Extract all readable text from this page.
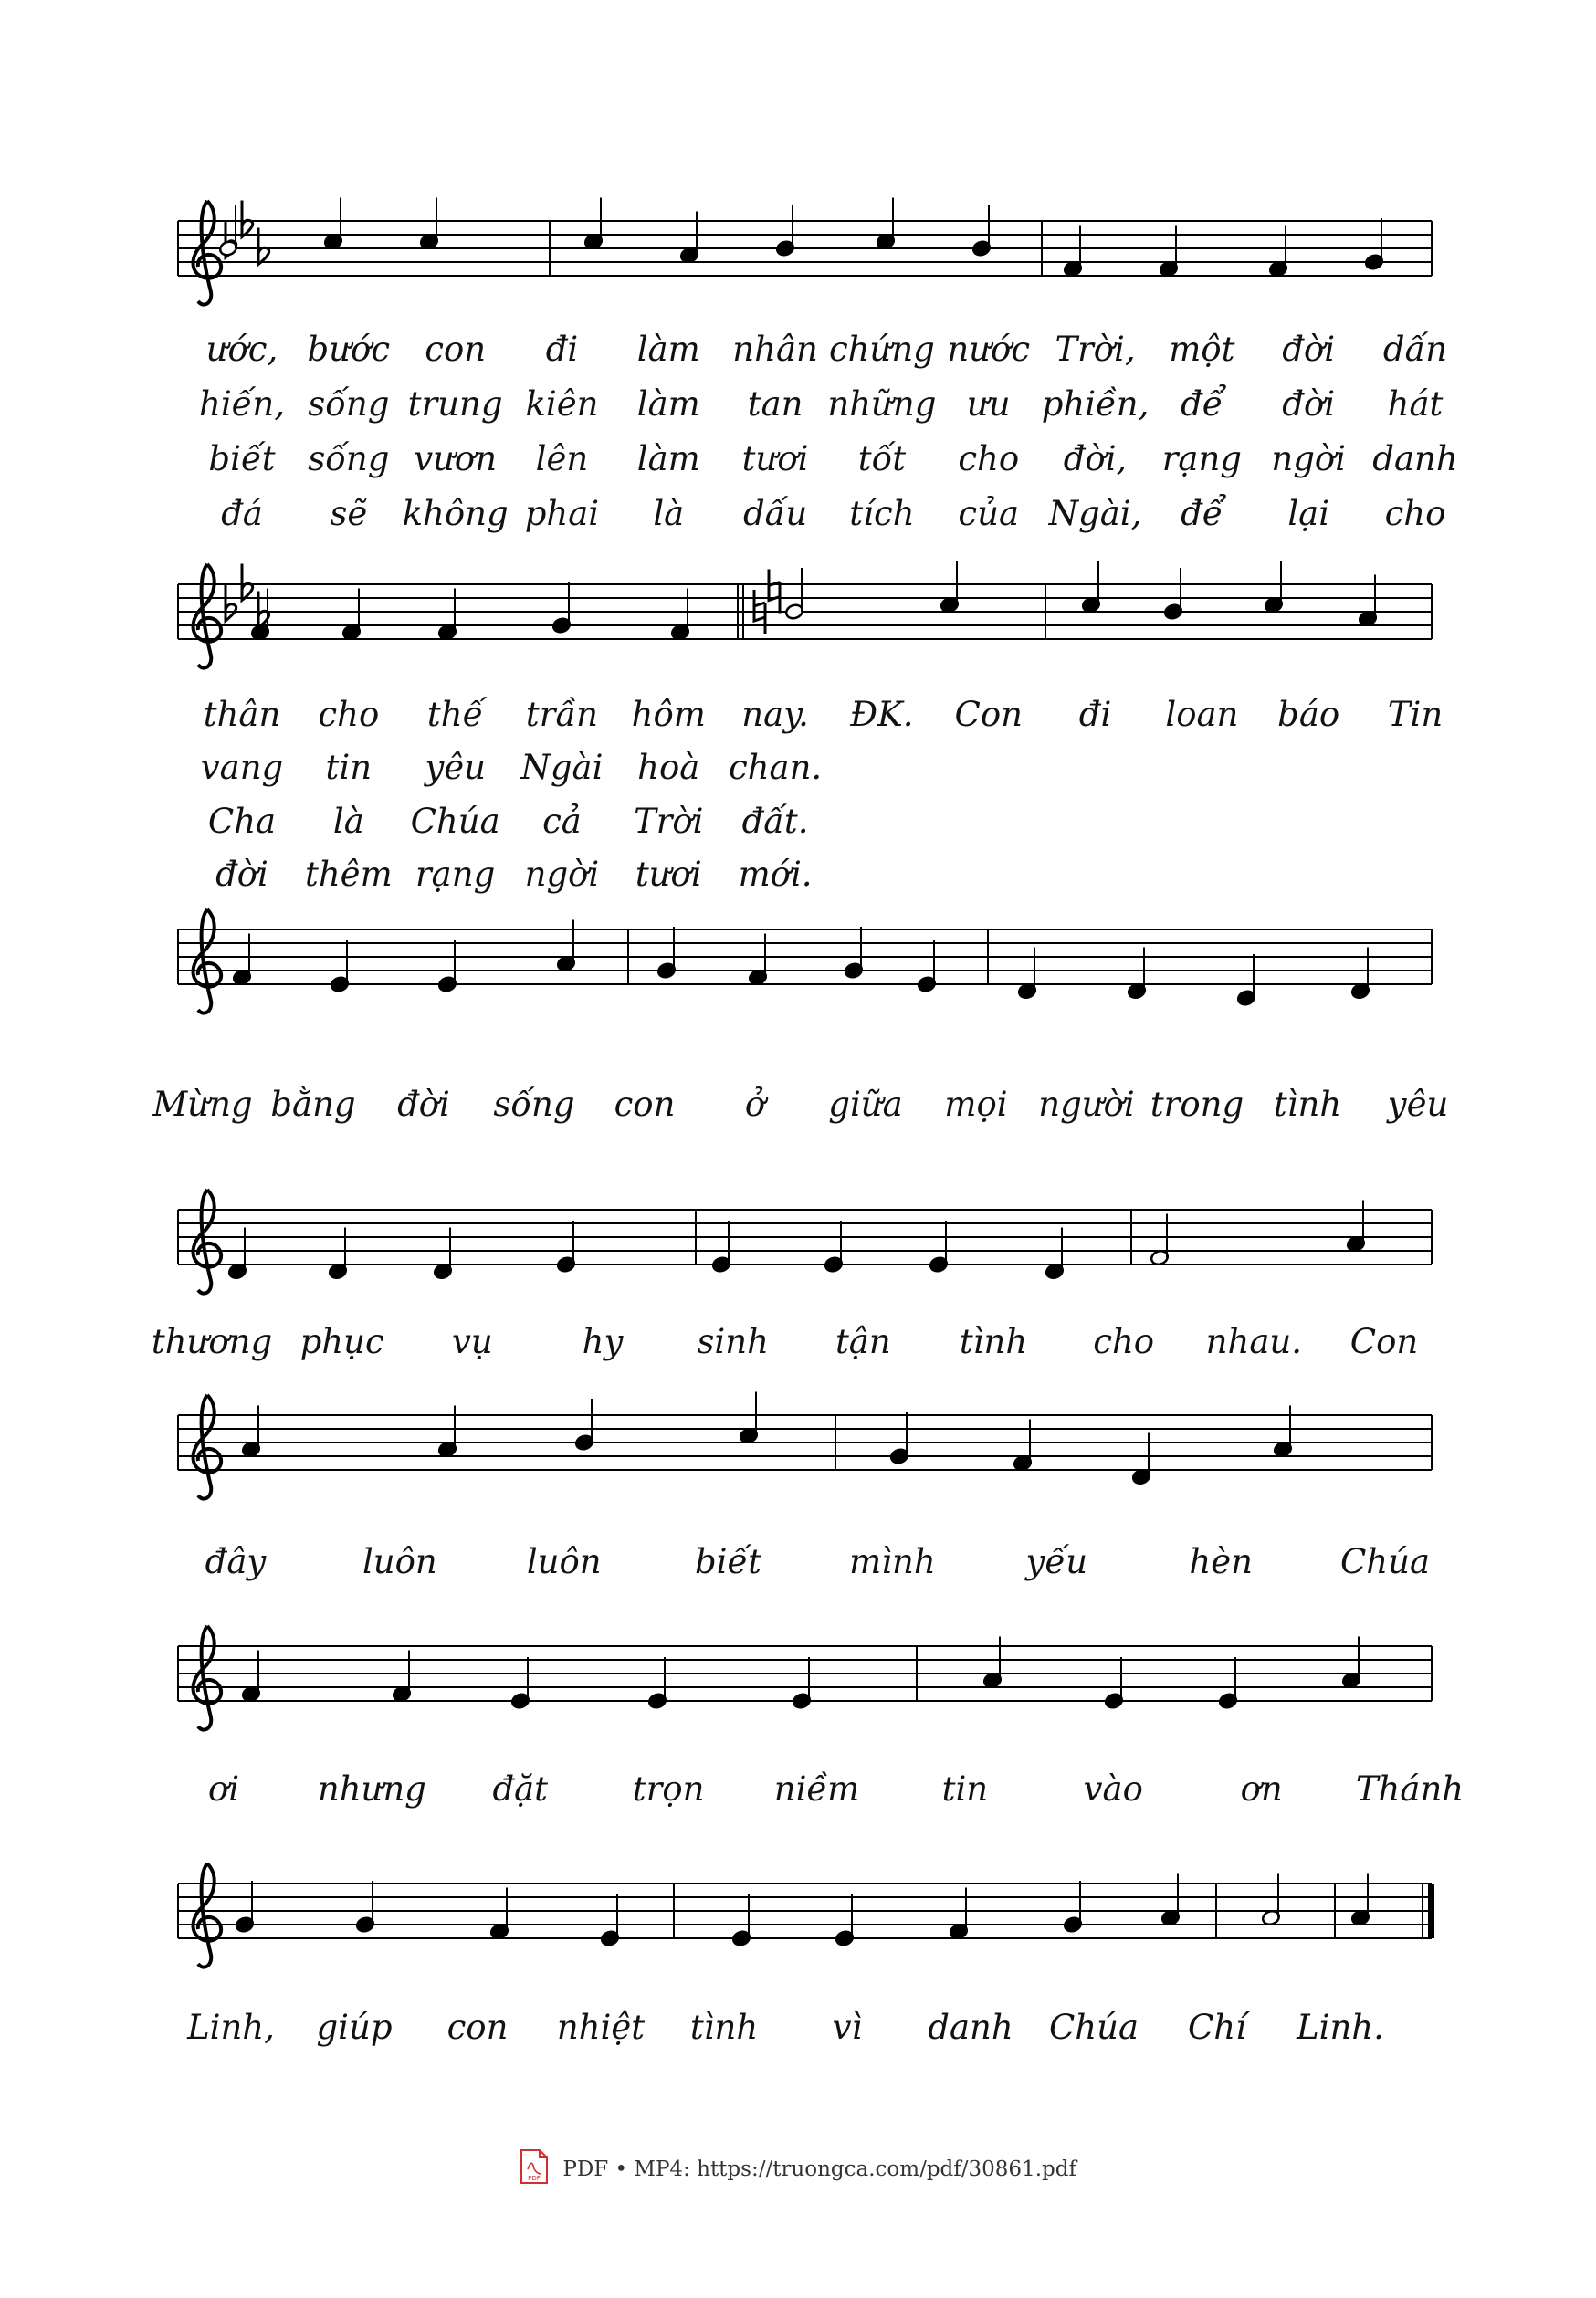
ước, bước con đi làm nhân chứng nước Trời, một đời dấn
hiến, sống trung kiên làm tan những ưu phiền, để đời hát
biết sống vươn lên làm tươi tốt cho đời, rạng ngời danh
đá sẽ không phai là dấu tích của Ngài, để lại cho
thân cho thế trần hôm nay. ĐK. Con đi loan báo Tin
vang tin yêu Ngài hoà chan.
Cha là Chúa cả Trời đất.
đời thêm rạng ngời tươi mới.
Mừng bằng đời sống con ở giữa mọi người trong tình yêu
thương phục vụ	hy sinh tận tình cho nhau. Con
đây	luôn	luôn	biết	mình	yếu	hèn	Chúa
ơi nhưng đặt	trọn niềm tin	vào	ơn Thánh
Linh, giúp con nhiệt tình vì danh Chúa Chí Linh.
PDF PDF • MP4: https://truongca.com/pdf/30861.pdf
